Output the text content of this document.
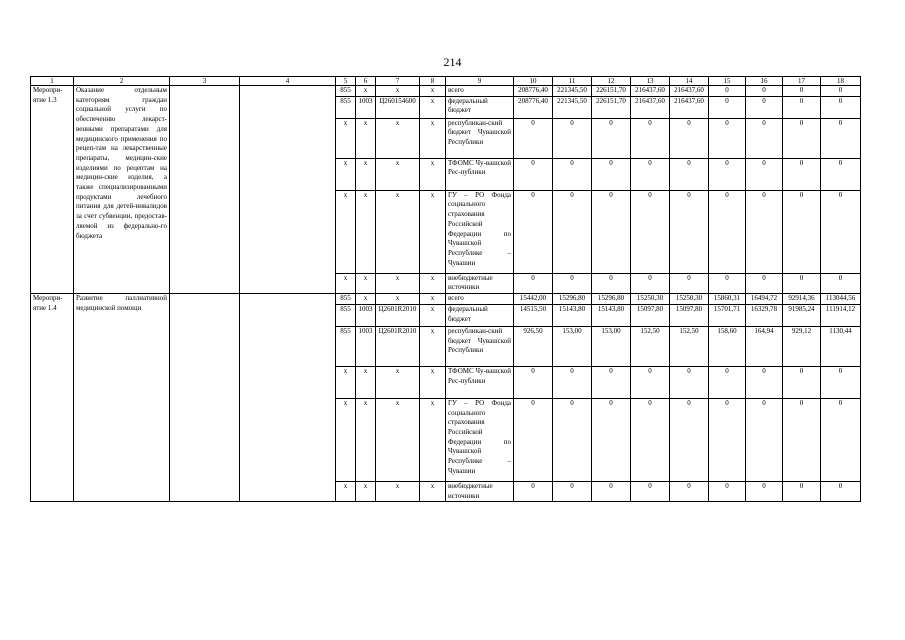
214
1	2	3	4	5	6	7	8	9	10	11	12	13	14	15	16	17	18
Меропри-ятие 1.3	Оказание отдельным категориям граждан социальной услуги по обеспечению лекарст-венными препаратами для медицинского применения по рецеп-там на лекарственные препараты, медицин-ские изделиями по рецептам на медицин-ские изделия, а также специализированными продуктами лечебного питания для детей-инвалидов за счет субвенции, предостав-ляемой из федерально-го бюджета			855	x	x	x	всего	208776,40	221345,50	226151,70	216437,60	216437,60	0	0	0	0
				855	1003	Ц260154600	x	федеральный бюджет	208776,40	221345,50	226151,70	216437,60	216437,60	0	0	0	0
				x	x	x	x	республикан-ский бюджет Чувашской Республики	0	0	0	0	0	0	0	0	0
				x	x	x	x	ТФОМС Чу-вашской Рес-публики	0	0	0	0	0	0	0	0	0
				x	x	x	x	ГУ – РО Фонда социального страхования Российской Федерации по Чувашской Республике – Чувашии	0	0	0	0	0	0	0	0	0
				x	x	x	x	внебюджетные источники	0	0	0	0	0	0	0	0	0
Меропри-ятие 1.4	Развитие паллиативной медицинской помощи			855	x	x	x	всего	15442,00	15296,80	15296,80	15250,30	15250,30	15860,31	16494,72	92914,36	113044,56
				855	1003	Ц2601R2010	x	федеральный бюджет	14515,50	15143,80	15143,80	15097,80	15097,80	15701,71	16329,78	91985,24	111914,12
				855	1003	Ц2601R2010	x	республикан-ский бюджет Чувашской Республики	926,50	153,00	153,00	152,50	152,50	158,60	164,94	929,12	1130,44
				x	x	x	x	ТФОМС Чу-вашской Рес-публики	0	0	0	0	0	0	0	0	0
				x	x	x	x	ГУ – РО Фонда социального страхования Российской Федерации по Чувашской Республике – Чувашии	0	0	0	0	0	0	0	0	0
				x	x	x	x	внебюджетные источники	0	0	0	0	0	0	0	0	0
